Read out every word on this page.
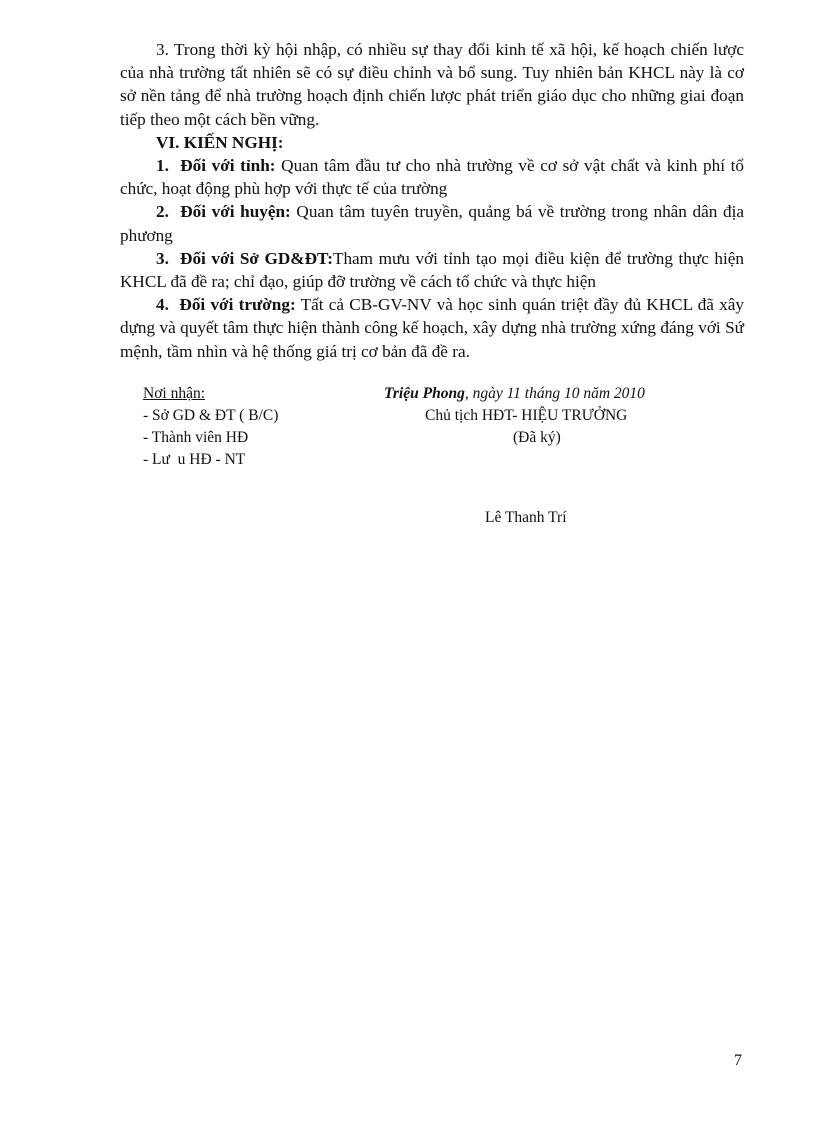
3. Trong thời kỳ hội nhập, có nhiều sự thay đổi kinh tế xã hội, kế hoạch chiến lược của nhà trường tất nhiên sẽ có sự điều chỉnh và bổ sung. Tuy nhiên bản KHCL này là cơ sở nền tảng để nhà trường hoạch định chiến lược phát triển giáo dục cho những giai đoạn tiếp theo một cách bền vững.

VI. KIẾN NGHỊ:

1. Đối với tỉnh: Quan tâm đầu tư cho nhà trường về cơ sở vật chất và kinh phí tổ chức, hoạt động phù hợp với thực tế của trường

2. Đối với huyện: Quan tâm tuyên truyền, quảng bá về trường trong nhân dân địa phương

3. Đối với Sở GD&ĐT:Tham mưu với tỉnh tạo mọi điều kiện để trường thực hiện KHCL đã đề ra; chỉ đạo, giúp đỡ trường về cách tổ chức và thực hiện

4. Đối với trường: Tất cả CB-GV-NV và học sinh quán triệt đầy đủ KHCL đã xây dựng và quyết tâm thực hiện thành công kế hoạch, xây dựng nhà trường xứng đáng với Sứ mệnh, tầm nhìn và hệ thống giá trị cơ bản đã đề ra.

Nơi nhận:
- Sở GD & ĐT ( B/C)
- Thành viên HĐ
- Lư  u HĐ - NT
Triệu Phong, ngày 11 tháng 10 năm 2010
Chủ tịch HĐT- HIỆU TRƯỞNG
(Đã ký)
Lê Thanh Trí
7
